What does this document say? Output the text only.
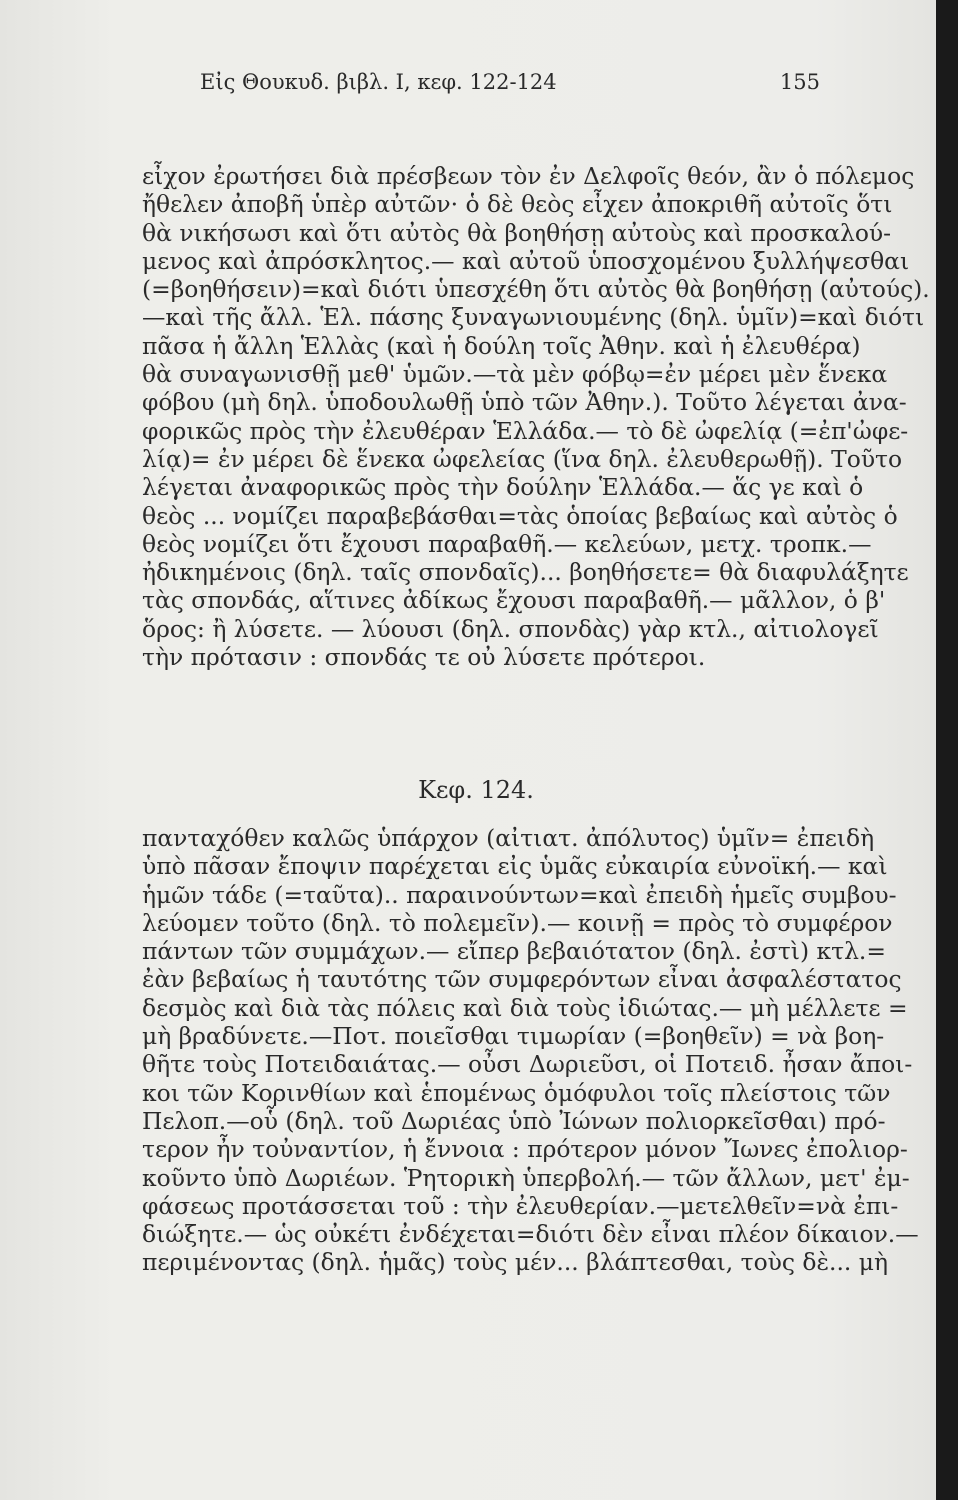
Εἰς Θουκυδ. βιβλ. Ι, κεφ. 122-124	155
εἶχον ἐρωτήσει διὰ πρέσβεων τὸν ἐν Δελφοῖς θεόν, ἂν ὁ πόλεμος
ἤθελεν ἀποβῆ ὑπὲρ αὐτῶν· ὁ δὲ θεὸς εἶχεν ἀποκριθῆ αὐτοῖς ὅτι
θὰ νικήσωσι καὶ ὅτι αὐτὸς θὰ βοηθήσῃ αὐτοὺς καὶ προσκαλού-
μενος καὶ ἀπρόσκλητος.— καὶ αὐτοῦ ὑποσχομένου ξυλλήψεσθαι
(=βοηθήσειν)=καὶ διότι ὑπεσχέθη ὅτι αὐτὸς θὰ βοηθήσῃ (αὐτούς).
—καὶ τῆς ἄλλ. Ἑλ. πάσης ξυναγωνιουμένης (δηλ. ὑμῖν)=καὶ διότι
πᾶσα ἡ ἄλλη Ἑλλὰς (καὶ ἡ δούλη τοῖς Ἀθην. καὶ ἡ ἐλευθέρα)
θὰ συναγωνισθῇ μεθ' ὑμῶν.—τὰ μὲν φόβῳ=ἐν μέρει μὲν ἕνεκα
φόβου (μὴ δηλ. ὑποδουλωθῇ ὑπὸ τῶν Ἀθην.). Τοῦτο λέγεται ἀνα-
φορικῶς πρὸς τὴν ἐλευθέραν Ἑλλάδα.— τὸ δὲ ὠφελίᾳ (=ἐπ'ὠφε-
λίᾳ)= ἐν μέρει δὲ ἕνεκα ὠφελείας (ἵνα δηλ. ἐλευθερωθῇ). Τοῦτο
λέγεται ἀναφορικῶς πρὸς τὴν δούλην Ἑλλάδα.— ἅς γε καὶ ὁ
θεὸς ... νομίζει παραβεβάσθαι=τὰς ὁποίας βεβαίως καὶ αὐτὸς ὁ
θεὸς νομίζει ὅτι ἔχουσι παραβαθῆ.— κελεύων, μετχ. τροπκ.—
ἠδικημένοις (δηλ. ταῖς σπονδαῖς)... βοηθήσετε= θὰ διαφυλάξητε
τὰς σπονδάς, αἵτινες ἀδίκως ἔχουσι παραβαθῆ.— μᾶλλον, ὁ β'
ὅρος: ἢ λύσετε. — λύουσι (δηλ. σπονδὰς) γὰρ κτλ., αἰτιολογεῖ
τὴν πρότασιν : σπονδάς τε οὐ λύσετε πρότεροι.
Κεφ. 124.
πανταχόθεν καλῶς ὑπάρχον (αἰτιατ. ἀπόλυτος) ὑμῖν= ἐπειδὴ
ὑπὸ πᾶσαν ἔποψιν παρέχεται εἰς ὑμᾶς εὐκαιρία εὐνοϊκή.— καὶ
ἡμῶν τάδε (=ταῦτα).. παραινούντων=καὶ ἐπειδὴ ἡμεῖς συμβου-
λεύομεν τοῦτο (δηλ. τὸ πολεμεῖν).— κοινῇ = πρὸς τὸ συμφέρον
πάντων τῶν συμμάχων.— εἴπερ βεβαιότατον (δηλ. ἐστὶ) κτλ.=
ἐὰν βεβαίως ἡ ταυτότης τῶν συμφερόντων εἶναι ἀσφαλέστατος
δεσμὸς καὶ διὰ τὰς πόλεις καὶ διὰ τοὺς ἰδιώτας.— μὴ μέλλετε =
μὴ βραδύνετε.—Ποτ. ποιεῖσθαι τιμωρίαν (=βοηθεῖν) = νὰ βοη-
θῆτε τοὺς Ποτειδαιάτας.— οὖσι Δωριεῦσι, οἱ Ποτειδ. ἦσαν ἄποι-
κοι τῶν Κορινθίων καὶ ἑπομένως ὁμόφυλοι τοῖς πλείστοις τῶν
Πελοπ.—οὗ (δηλ. τοῦ Δωριέας ὑπὸ Ἰώνων πολιορκεῖσθαι) πρό-
τερον ἦν τοὐναντίον, ἡ ἔννοια : πρότερον μόνον Ἴωνες ἐπολιορ-
κοῦντο ὑπὸ Δωριέων. Ῥητορικὴ ὑπερβολή.— τῶν ἄλλων, μετ' ἐμ-
φάσεως προτάσσεται τοῦ : τὴν ἐλευθερίαν.—μετελθεῖν=νὰ ἐπι-
διώξητε.— ὡς οὐκέτι ἐνδέχεται=διότι δὲν εἶναι πλέον δίκαιον.—
περιμένοντας (δηλ. ἡμᾶς) τοὺς μέν... βλάπτεσθαι, τοὺς δὲ... μὴ
